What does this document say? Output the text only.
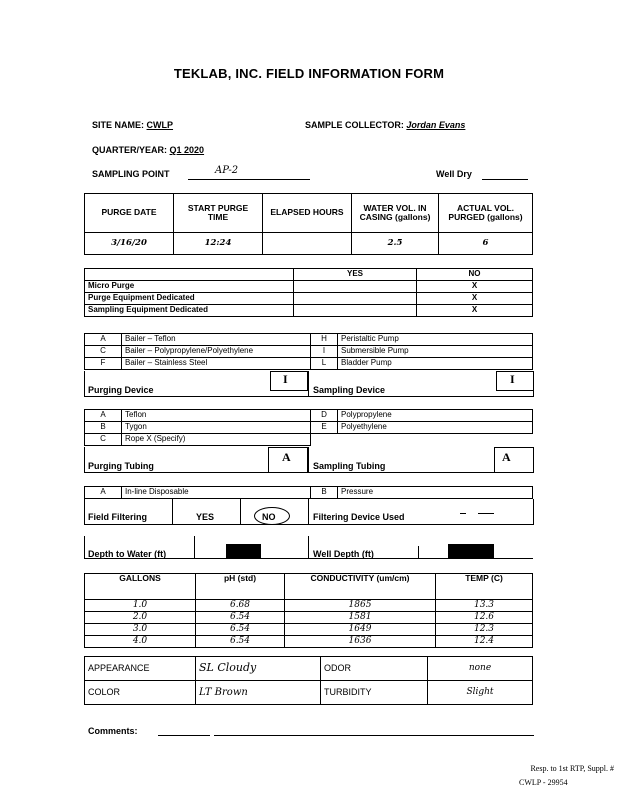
TEKLAB, INC. FIELD INFORMATION FORM
SITE NAME: CWLP	SAMPLE COLLECTOR: Jordan Evans
QUARTER/YEAR: Q1 2020
SAMPLING POINT	AP-2	Well Dry
PURGE DATE	START PURGE TIME	ELAPSED HOURS	WATER VOL. IN CASING (gallons)	ACTUAL VOL. PURGED (gallons)
3/16/20	12:24		2.5	6
	YES	NO
Micro Purge		X
Purge Equipment Dedicated		X
Sampling Equipment Dedicated		X
A	Bailer – Teflon	H	Peristaltic Pump
C	Bailer – Polypropylene/Polyethylene	I	Submersible Pump
F	Bailer – Stainless Steel	L	Bladder Pump
Purging Device
I
Sampling Device
I
A	Teflon	D	Polypropylene
B	Tygon	E	Polyethylene
C	Rope X (Specify)		
Purging Tubing
A
Sampling Tubing
A
A	In-line Disposable	B	Pressure
Field Filtering	YES	NO	Filtering Device Used
Depth to Water (ft)	Well Depth (ft)
GALLONS	pH (std)	CONDUCTIVITY (um/cm)	TEMP (C)
1.0	6.68	1865	13.3
2.0	6.54	1581	12.6
3.0	6.54	1649	12.3
4.0	6.54	1636	12.4
APPEARANCE	SL Cloudy	ODOR	none
COLOR	LT Brown	TURBIDITY	Slight
Comments:
Resp. to 1st RTP, Suppl. #
CWLP - 29954
